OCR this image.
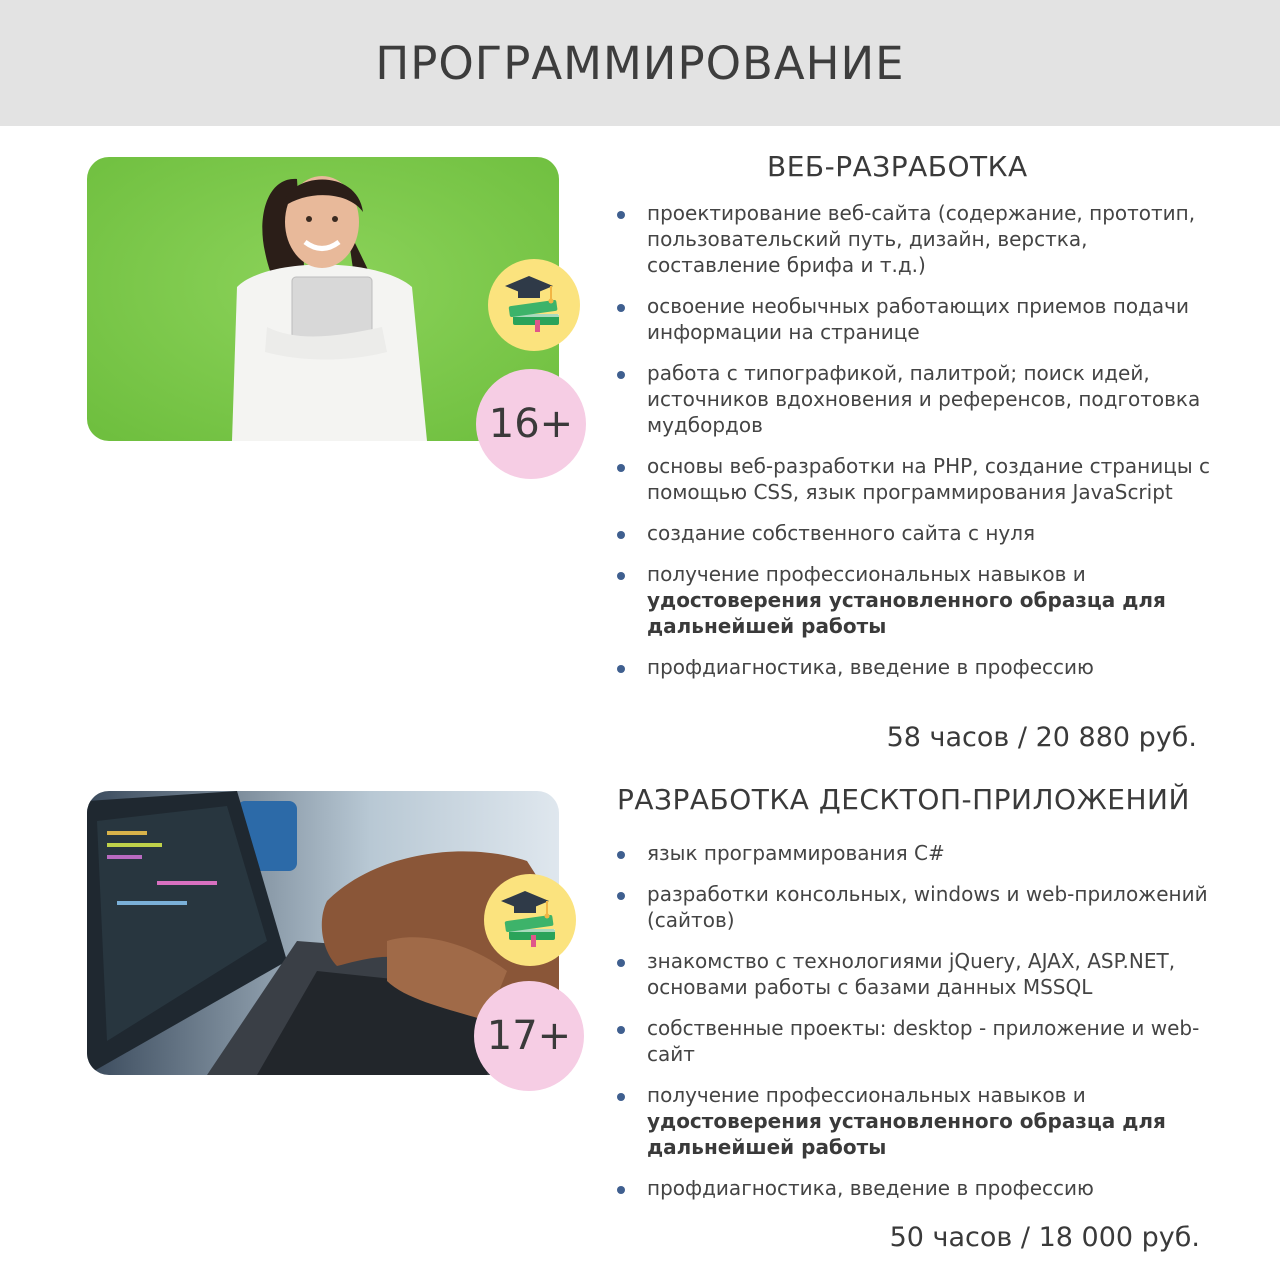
ПРОГРАММИРОВАНИЕ
16+
ВЕБ-РАЗРАБОТКА
проектирование веб-сайта (содержание, прототип, пользовательский путь, дизайн, верстка, составление брифа и т.д.)
освоение необычных работающих приемов подачи информации на странице
работа с типографикой, палитрой; поиск идей, источников вдохновения и референсов, подготовка мудбордов
основы веб-разработки на PHP, создание страницы с помощью CSS, язык программирования JavaScript
создание собственного сайта с нуля
получение профессиональных навыков и удостоверения установленного образца для дальнейшей работы
профдиагностика, введение в профессию
58 часов / 20 880 руб.
17+
РАЗРАБОТКА ДЕСКТОП-ПРИЛОЖЕНИЙ
язык программирования C#
разработки консольных, windows и web-приложений (сайтов)
знакомство с технологиями jQuery, AJAX, ASP.NET, основами работы с базами данных MSSQL
собственные проекты: desktop - приложение и web-сайт
получение профессиональных навыков и удостоверения установленного образца для дальнейшей работы
профдиагностика, введение в профессию
50 часов / 18 000 руб.
